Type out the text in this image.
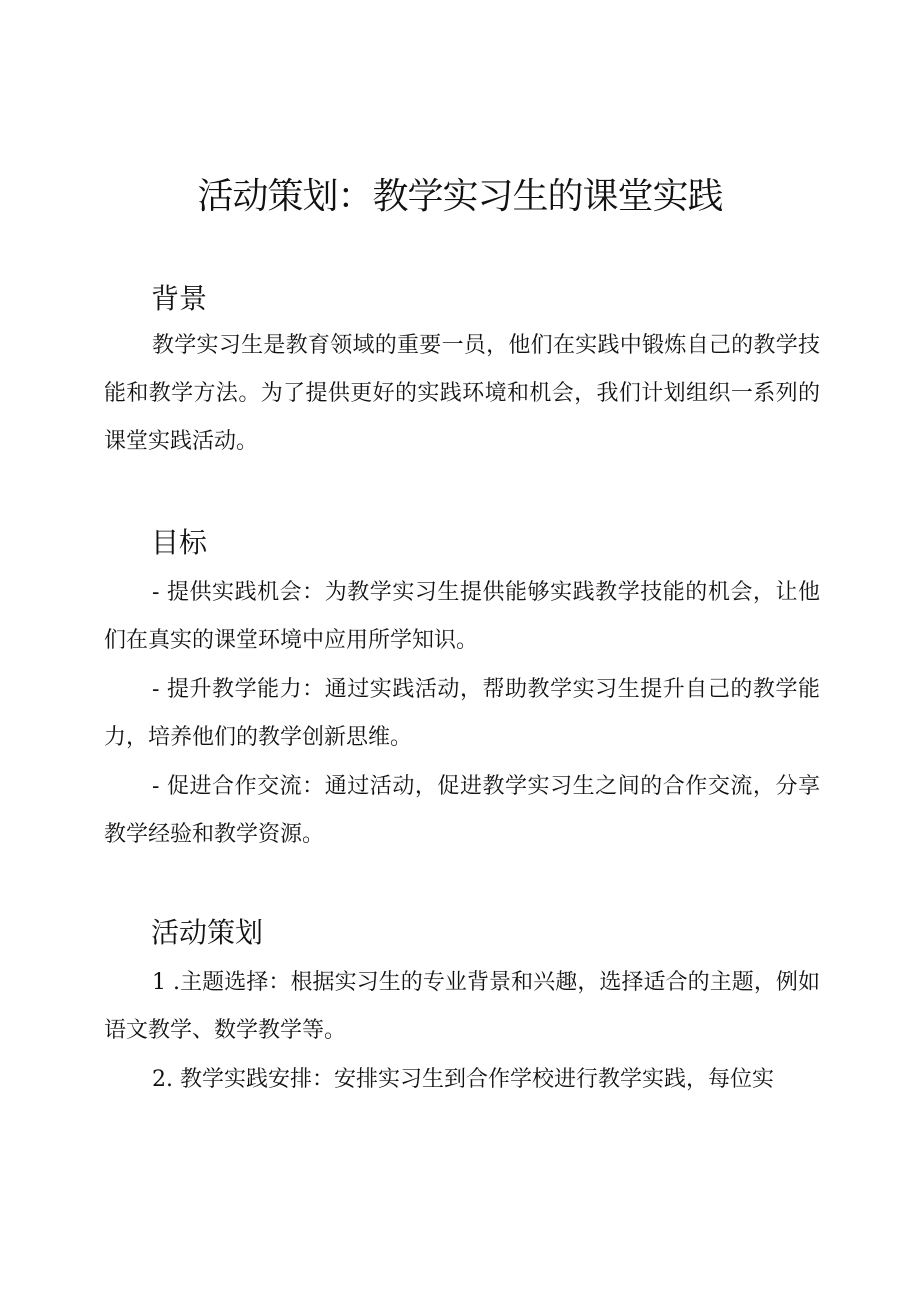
活动策划：教学实习生的课堂实践
背景

教学实习生是教育领域的重要一员，他们在实践中锻炼自己的教学技能和教学方法。为了提供更好的实践环境和机会，我们计划组织一系列的课堂实践活动。

目标

- 提供实践机会：为教学实习生提供能够实践教学技能的机会，让他们在真实的课堂环境中应用所学知识。

- 提升教学能力：通过实践活动，帮助教学实习生提升自己的教学能力，培养他们的教学创新思维。

- 促进合作交流：通过活动，促进教学实习生之间的合作交流，分享教学经验和教学资源。

活动策划

1 .主题选择：根据实习生的专业背景和兴趣，选择适合的主题，例如语文教学、数学教学等。

2. 教学实践安排：安排实习生到合作学校进行教学实践，每位实
